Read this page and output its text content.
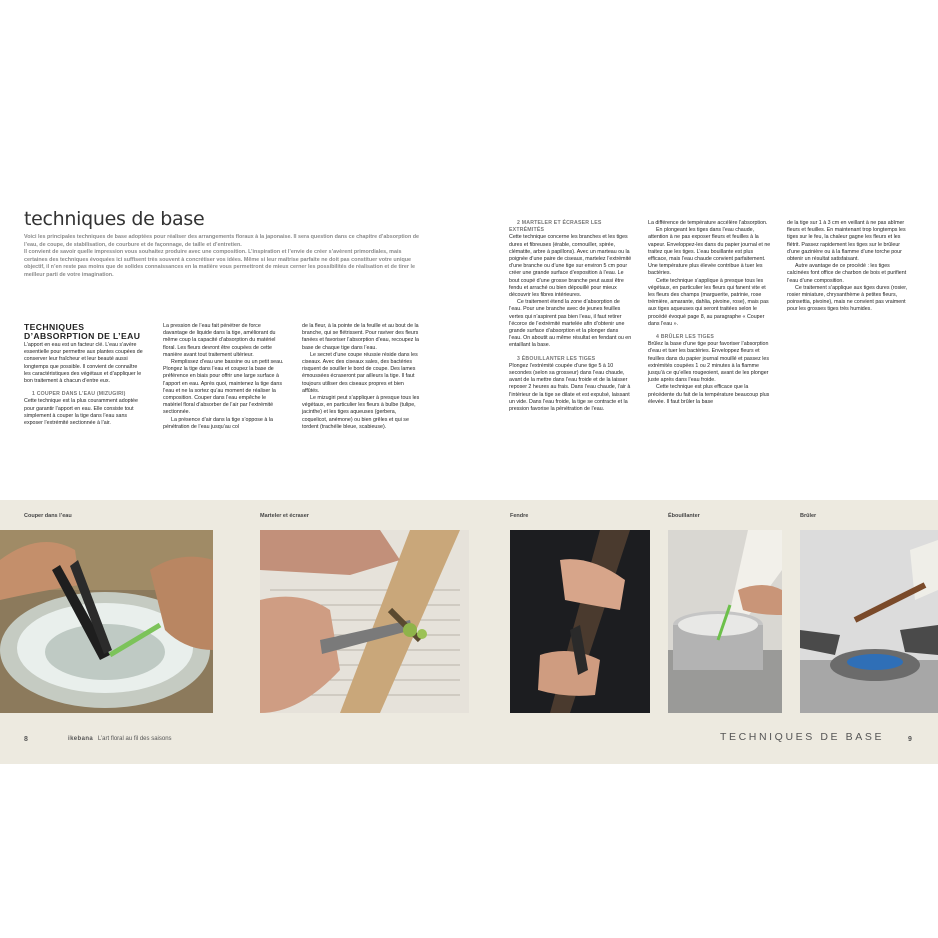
techniques de base

Voici les principales techniques de base adoptées pour réaliser des arrangements floraux à la japonaise. Il sera question dans ce chapitre d’absorption de l’eau, de coupe, de stabilisation, de courbure et de façonnage, de taille et d’entretien.

Il convient de savoir quelle impression vous souhaitez produire avec une composition. L’inspiration et l’envie de créer s’avèrent primordiales, mais certaines des techniques évoquées ici suffisent très souvent à concrétiser vos idées. Même si leur maîtrise parfaite ne doit pas constituer votre unique objectif, il n’en reste pas moins que de solides connaissances en la matière vous permettront de mieux cerner les possibilités de réalisation et de tirer le meilleur parti de votre imagination.

TECHNIQUES D’ABSORPTION DE L’EAU

L’apport en eau est un facteur clé. L’eau s’avère essentielle pour permettre aux plantes coupées de conserver leur fraîcheur et leur beauté aussi longtemps que possible. Il convient de connaître les caractéristiques des végétaux et d’appliquer le bon traitement à chacun d’entre eux.

1 COUPER DANS L’EAU (MIZUGIRI)

Cette technique est la plus couramment adoptée pour garantir l’apport en eau. Elle consiste tout simplement à couper la tige dans l’eau sans exposer l’extrémité sectionnée à l’air.

La pression de l’eau fait pénétrer de force davantage de liquide dans la tige, améliorant du même coup la capacité d’absorption du matériel floral. Les fleurs devront être coupées de cette manière avant tout traitement ultérieur.

Remplissez d’eau une bassine ou un petit seau. Plongez la tige dans l’eau et coupez la base de préférence en biais pour offrir une large surface à l’apport en eau. Après quoi, maintenez la tige dans l’eau et ne la sortez qu’au moment de réaliser la composition. Couper dans l’eau empêche le matériel floral d’absorber de l’air par l’extrémité sectionnée.

La présence d’air dans la tige s’oppose à la pénétration de l’eau jusqu’au col

de la fleur, à la pointe de la feuille et au bout de la branche, qui se flétrissent. Pour raviver des fleurs fanées et favoriser l’absorption d’eau, recoupez la base de chaque tige dans l’eau.

Le secret d’une coupe réussie réside dans les ciseaux. Avec des ciseaux sales, des bactéries risquent de souiller le bord de coupe. Des lames émoussées écraseront par ailleurs la tige. Il faut toujours utiliser des ciseaux propres et bien affûtés.

Le mizugiri peut s’appliquer à presque tous les végétaux, en particulier les fleurs à bulbe (tulipe, jacinthe) et les tiges aqueuses (gerbera, coquelicot, anémone) ou bien grêles et qui se tordent (trachélie bleue, scabieuse).

2 MARTELER ET ÉCRASER LES EXTRÉMITÉS

Cette technique concerne les branches et les tiges dures et fibreuses (érable, cornouiller, spirée, clématite, arbre à papillons). Avec un marteau ou la poignée d’une paire de ciseaux, martelez l’extrémité d’une branche ou d’une tige sur environ 5 cm pour créer une grande surface d’exposition à l’eau. Le bout coupé d’une grosse branche peut aussi être fendu et arraché ou bien dépouillé pour mieux découvrir les fibres intérieures.

Ce traitement étend la zone d’absorption de l’eau. Pour une branche avec de jeunes feuilles vertes qui n’aspirent pas bien l’eau, il faut retirer l’écorce de l’extrémité martelée afin d’obtenir une grande surface d’absorption et la plonger dans l’eau. On aboutit au même résultat en fendant ou en entaillant la base.

3 ÉBOUILLANTER LES TIGES

Plongez l’extrémité coupée d’une tige 5 à 10 secondes (selon sa grosseur) dans l’eau chaude, avant de la mettre dans l’eau froide et de la laisser reposer 2 heures au frais. Dans l’eau chaude, l’air à l’intérieur de la tige se dilate et est expulsé, laissant un vide. Dans l’eau froide, la tige se contracte et la pression favorise la pénétration de l’eau.

La différence de température accélère l’absorption.

En plongeant les tiges dans l’eau chaude, attention à ne pas exposer fleurs et feuilles à la vapeur. Enveloppez-les dans du papier journal et ne traitez que les tiges. L’eau bouillante est plus efficace, mais l’eau chaude convient parfaitement. Une température plus élevée contribue à tuer les bactéries.

Cette technique s’applique à presque tous les végétaux, en particulier les fleurs qui fanent vite et les fleurs des champs (marguerite, patrinie, rose trémière, amarante, dahlia, pivoine, rose), mais pas aux tiges aqueuses qui seront traitées selon le procédé évoqué page 8, au paragraphe « Couper dans l’eau ».

4 BRÛLER LES TIGES

Brûlez la base d’une tige pour favoriser l’absorption d’eau et tuer les bactéries. Enveloppez fleurs et feuilles dans du papier journal mouillé et passez les extrémités coupées 1 ou 2 minutes à la flamme jusqu’à ce qu’elles rougeoient, avant de les plonger juste après dans l’eau froide.

Cette technique est plus efficace que la précédente du fait de la température beaucoup plus élevée. Il faut brûler la base

de la tige sur 1 à 3 cm en veillant à ne pas abîmer fleurs et feuilles. En maintenant trop longtemps les tiges sur le feu, la chaleur gagne les fleurs et les flétrit. Passez rapidement les tiges sur le brûleur d’une gazinière ou à la flamme d’une torche pour obtenir un résultat satisfaisant.

Autre avantage de ce procédé : les tiges calcinées font office de charbon de bois et purifient l’eau d’une composition.

Ce traitement s’applique aux tiges dures (rosier, rosier miniature, chrysanthème à petites fleurs, poinsettia, pivoine), mais ne convient pas vraiment pour les grosses tiges très humides.

Couper dans l’eau	Marteler et écraser	Fendre	Ébouillanter	Brûler
8	ikebana L’art floral au fil des saisons	TECHNIQUES DE BASE	9
